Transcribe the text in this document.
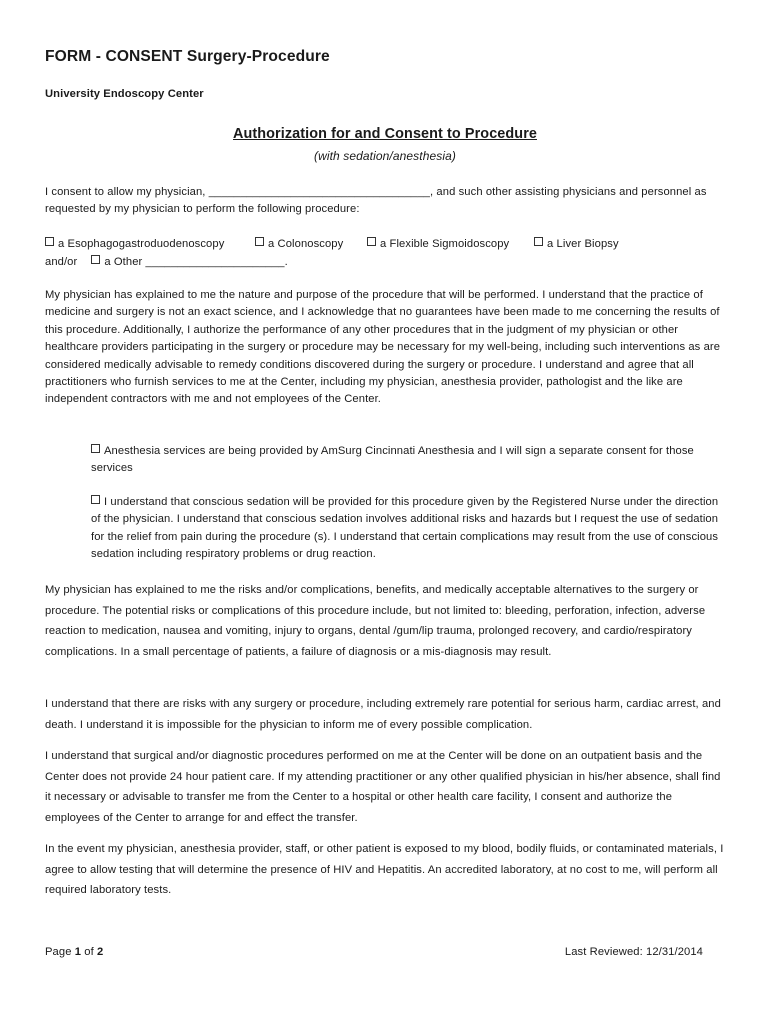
FORM - CONSENT Surgery-Procedure
University Endoscopy Center
Authorization for and Consent to Procedure
(with sedation/anesthesia)

I consent to allow my physician, ___________________________________, and such other assisting physicians and personnel as requested by my physician to perform the following procedure:

a Esophagogastroduodenoscopy	a Colonoscopy	a Flexible Sigmoidoscopy	a Liver Biopsy
and/or a Other ______________________.

My physician has explained to me the nature and purpose of the procedure that will be performed. I understand that the practice of medicine and surgery is not an exact science, and I acknowledge that no guarantees have been made to me concerning the results of this procedure. Additionally, I authorize the performance of any other procedures that in the judgment of my physician or other healthcare providers participating in the surgery or procedure may be necessary for my well-being, including such interventions as are considered medically advisable to remedy conditions discovered during the surgery or procedure. I understand and agree that all practitioners who furnish services to me at the Center, including my physician, anesthesia provider, pathologist and the like are independent contractors with me and not employees of the Center.

Anesthesia services are being provided by AmSurg Cincinnati Anesthesia and I will sign a separate consent for those services

I understand that conscious sedation will be provided for this procedure given by the Registered Nurse under the direction of the physician. I understand that conscious sedation involves additional risks and hazards but I request the use of sedation for the relief from pain during the procedure (s). I understand that certain complications may result from the use of conscious sedation including respiratory problems or drug reaction.

My physician has explained to me the risks and/or complications, benefits, and medically acceptable alternatives to the surgery or procedure. The potential risks or complications of this procedure include, but not limited to: bleeding, perforation, infection, adverse reaction to medication, nausea and vomiting, injury to organs, dental /gum/lip trauma, prolonged recovery, and cardio/respiratory complications. In a small percentage of patients, a failure of diagnosis or a mis-diagnosis may result.

I understand that there are risks with any surgery or procedure, including extremely rare potential for serious harm, cardiac arrest, and death. I understand it is impossible for the physician to inform me of every possible complication.

I understand that surgical and/or diagnostic procedures performed on me at the Center will be done on an outpatient basis and the Center does not provide 24 hour patient care. If my attending practitioner or any other qualified physician in his/her absence, shall find it necessary or advisable to transfer me from the Center to a hospital or other health care facility, I consent and authorize the employees of the Center to arrange for and effect the transfer.

In the event my physician, anesthesia provider, staff, or other patient is exposed to my blood, bodily fluids, or contaminated materials, I agree to allow testing that will determine the presence of HIV and Hepatitis. An accredited laboratory, at no cost to me, will perform all required laboratory tests.

Page 1 of 2	Last Reviewed: 12/31/2014
